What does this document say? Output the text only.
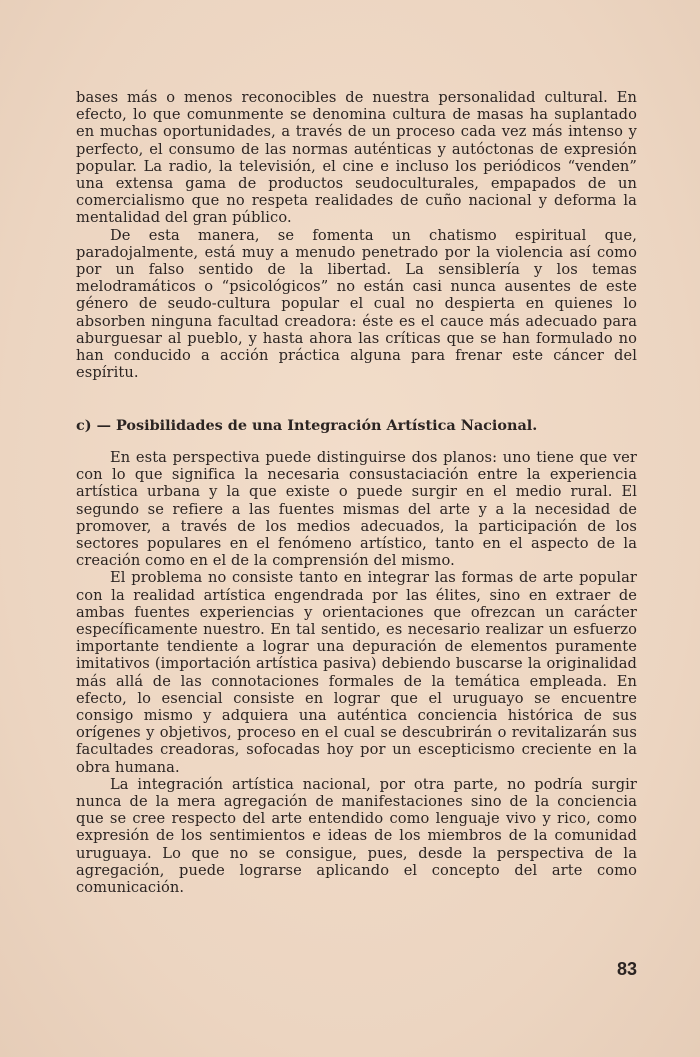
bases más o menos reconocibles de nuestra personalidad cultural. En efecto, lo que comunmente se denomina cultura de masas ha suplantado en muchas oportunidades, a través de un proceso cada vez más intenso y perfecto, el consumo de las normas auténticas y autóctonas de expresión popular. La radio, la televisión, el cine e incluso los periódicos “venden” una extensa gama de productos seudoculturales, empapados de un comercialismo que no respeta realidades de cuño nacional y deforma la mentalidad del gran público.

De esta manera, se fomenta un chatismo espiritual que, paradojalmente, está muy a menudo penetrado por la violencia así como por un falso sentido de la libertad. La sensiblería y los temas melodramáticos o “psicológicos” no están casi nunca ausentes de este género de seudo-cultura popular el cual no despierta en quienes lo absorben ninguna facultad creadora: éste es el cauce más adecuado para aburguesar al pueblo, y hasta ahora las críticas que se han formulado no han conducido a acción práctica alguna para frenar este cáncer del espíritu.

c) — Posibilidades de una Integración Artística Nacional.

En esta perspectiva puede distinguirse dos planos: uno tiene que ver con lo que significa la necesaria consustaciación entre la experiencia artística urbana y la que existe o puede surgir en el medio rural. El segundo se refiere a las fuentes mismas del arte y a la necesidad de promover, a través de los medios adecuados, la participación de los sectores populares en el fenómeno artístico, tanto en el aspecto de la creación como en el de la comprensión del mismo.

El problema no consiste tanto en integrar las formas de arte popular con la realidad artística engendrada por las élites, sino en extraer de ambas fuentes experiencias y orientaciones que ofrezcan un carácter específicamente nuestro. En tal sentido, es necesario realizar un esfuerzo importante tendiente a lograr una depuración de elementos puramente imitativos (importación artística pasiva) debiendo buscarse la originalidad más allá de las connotaciones formales de la temática empleada. En efecto, lo esencial consiste en lograr que el uruguayo se encuentre consigo mismo y adquiera una auténtica conciencia histórica de sus orígenes y objetivos, proceso en el cual se descubrirán o revitalizarán sus facultades creadoras, sofocadas hoy por un escepticismo creciente en la obra humana.

La integración artística nacional, por otra parte, no podría surgir nunca de la mera agregación de manifestaciones sino de la conciencia que se cree respecto del arte entendido como lenguaje vivo y rico, como expresión de los sentimientos e ideas de los miembros de la comunidad uruguaya. Lo que no se consigue, pues, desde la perspectiva de la agregación, puede lograrse aplicando el concepto del arte como comunicación.

83
